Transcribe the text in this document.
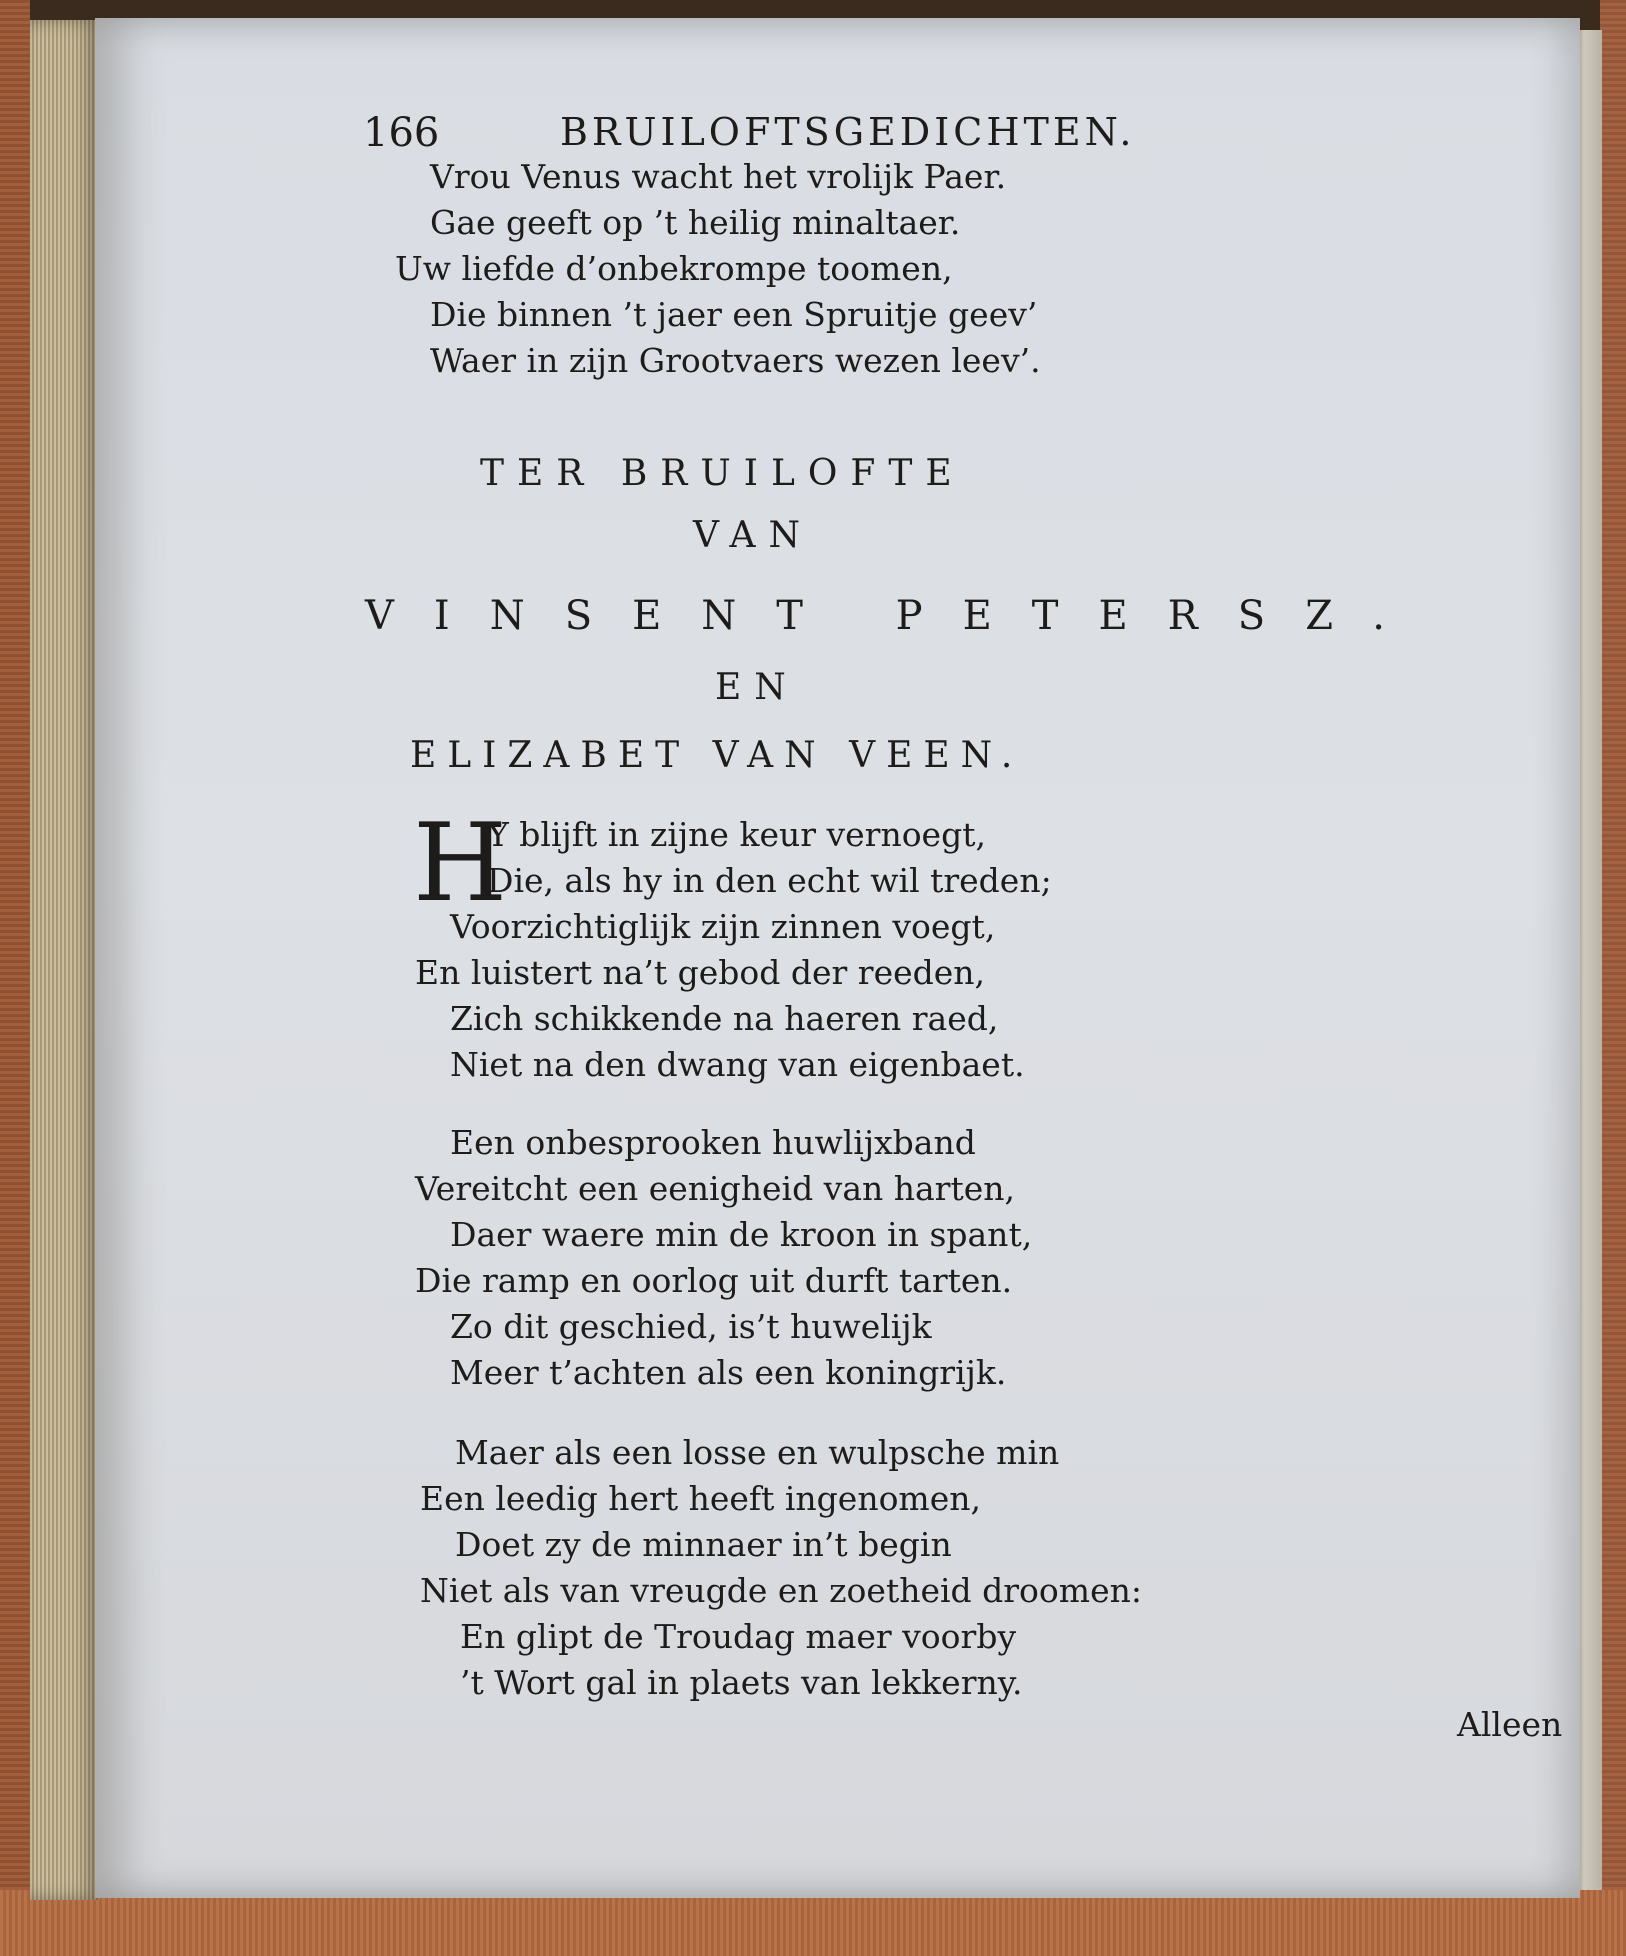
166	BRUILOFTSGEDICHTEN.
Vrou Venus wacht het vrolijk Paer.
Gae geeft op ’t heilig minaltaer.
Uw liefde d’onbekrompe toomen,
Die binnen ’t jaer een Spruitje geev’
Waer in zijn Grootvaers wezen leev’.
TER BRUILOFTE
VAN
VINSENT PETERSZ.
EN
ELIZABET VAN VEEN.
H
Y blijft in zijne keur vernoegt,
Die, als hy in den echt wil treden;
Voorzichtiglijk zijn zinnen voegt,
En luistert na’t gebod der reeden,
Zich schikkende na haeren raed,
Niet na den dwang van eigenbaet.
Een onbesprooken huwlijxband
Vereitcht een eenigheid van harten,
Daer waere min de kroon in spant,
Die ramp en oorlog uit durft tarten.
Zo dit geschied, is’t huwelijk
Meer t’achten als een koningrijk.
Maer als een losse en wulpsche min
Een leedig hert heeft ingenomen,
Doet zy de minnaer in’t begin
Niet als van vreugde en zoetheid droomen:
En glipt de Troudag maer voorby
’t Wort gal in plaets van lekkerny.
Alleen
